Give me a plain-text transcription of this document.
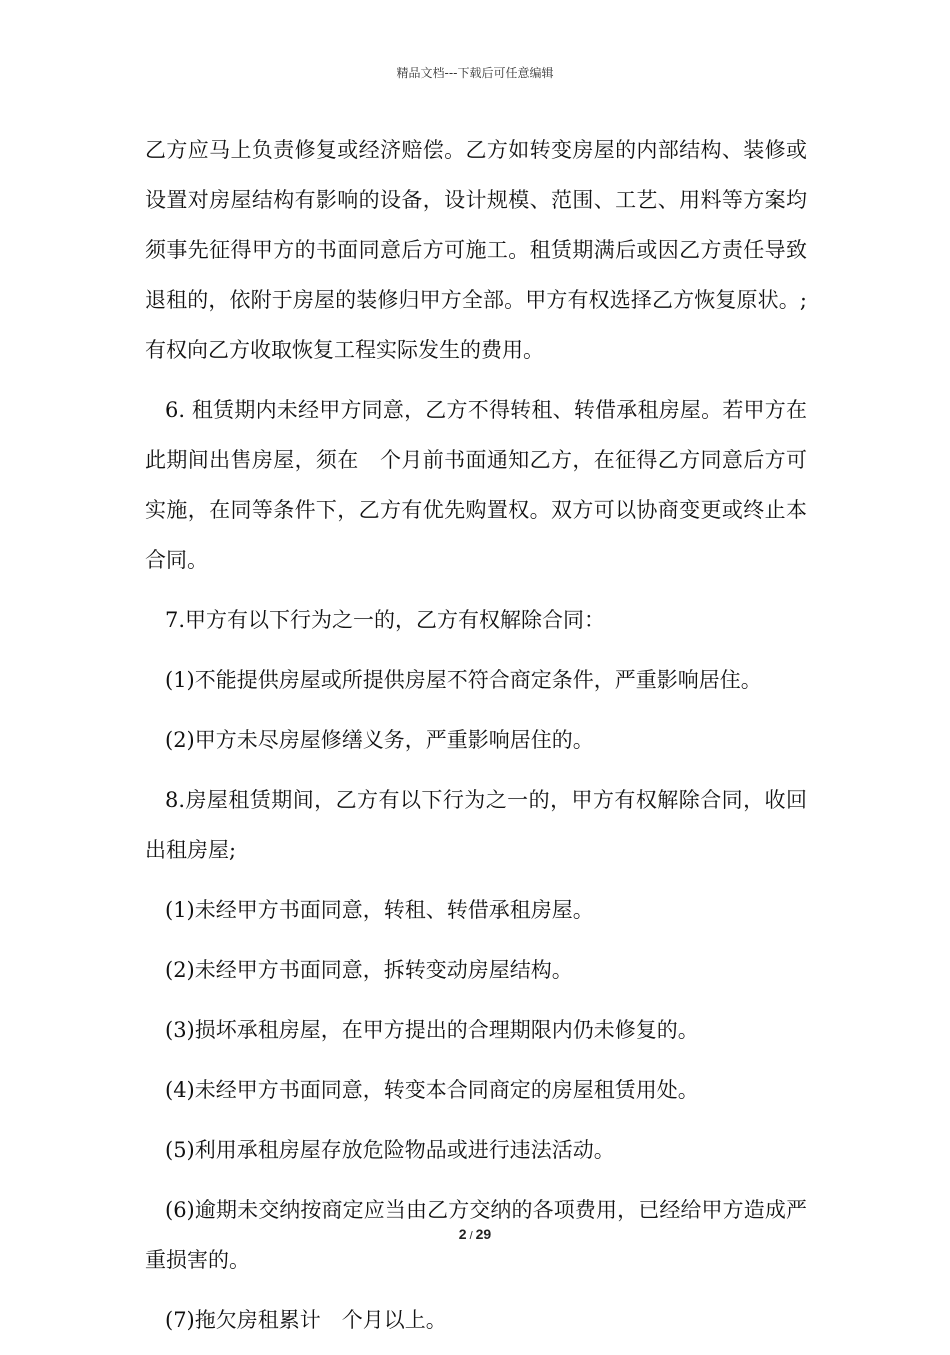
精品文档---下载后可任意编辑

乙方应马上负责修复或经济赔偿。乙方如转变房屋的内部结构、装修或设置对房屋结构有影响的设备，设计规模、范围、工艺、用料等方案均须事先征得甲方的书面同意后方可施工。租赁期满后或因乙方责任导致退租的，依附于房屋的装修归甲方全部。甲方有权选择乙方恢复原状。;有权向乙方收取恢复工程实际发生的费用。

6. 租赁期内未经甲方同意，乙方不得转租、转借承租房屋。若甲方在此期间出售房屋，须在　个月前书面通知乙方，在征得乙方同意后方可实施，在同等条件下，乙方有优先购置权。双方可以协商变更或终止本合同。

7.甲方有以下行为之一的，乙方有权解除合同：

(1)不能提供房屋或所提供房屋不符合商定条件，严重影响居住。

(2)甲方未尽房屋修缮义务，严重影响居住的。

8.房屋租赁期间，乙方有以下行为之一的，甲方有权解除合同，收回出租房屋;

(1)未经甲方书面同意，转租、转借承租房屋。

(2)未经甲方书面同意，拆转变动房屋结构。

(3)损坏承租房屋，在甲方提出的合理期限内仍未修复的。

(4)未经甲方书面同意，转变本合同商定的房屋租赁用处。

(5)利用承租房屋存放危险物品或进行违法活动。

(6)逾期未交纳按商定应当由乙方交纳的各项费用，已经给甲方造成严重损害的。

(7)拖欠房租累计　个月以上。

2 / 29
